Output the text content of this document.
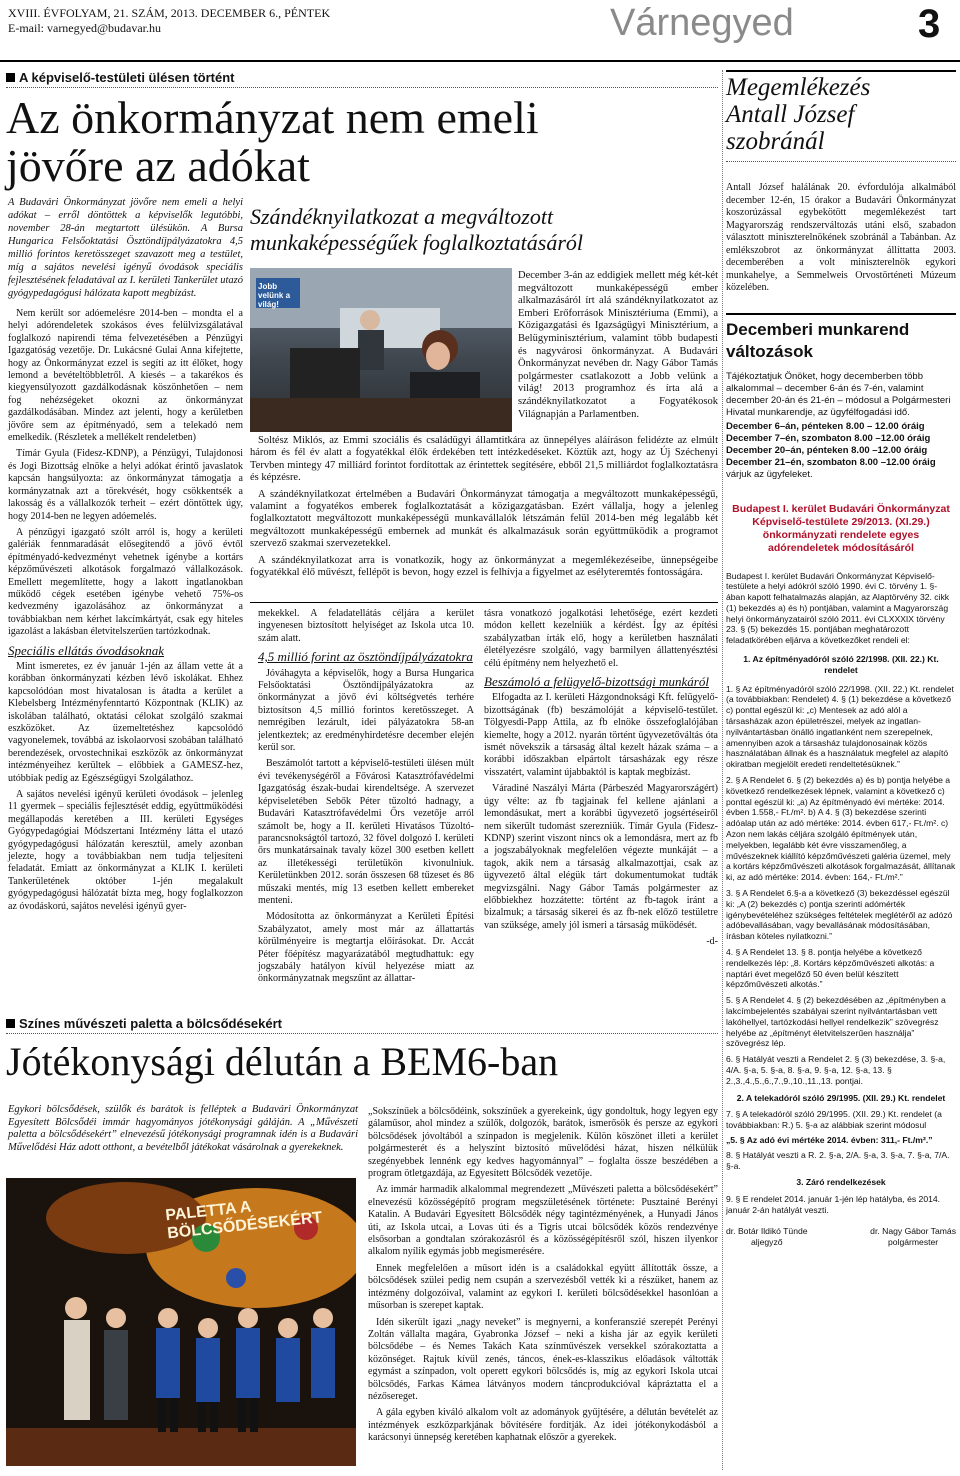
XVIII. ÉVFOLYAM, 21. SZÁM, 2013. DECEMBER 6., PÉNTEK
E-mail: varnegyed@budavar.hu	Várnegyed	3
A képviselő-testületi ülésen történt
Az önkormányzat nem emeli
jövőre az adókat
A Budavári Önkormányzat jövőre nem emeli a helyi adókat – erről döntöttek a képviselők legutóbbi, november 28-án megtartott ülésükön. A Bursa Hungarica Felsőoktatási Ösztöndíjpályázatokra 4,5 millió forintos keretösszeget szavazott meg a testület, míg a sajátos nevelési igényű óvodások speciális fejlesztésének feladatával az I. kerületi Tankerület utazó gyógypedagógusi hálózata kapott megbízást.

Nem került sor adóemelésre 2014-ben – mondta el a helyi adórendeletek szokásos éves felülvizsgálatával foglalkozó napirendi téma felvezetésében a Pénzügyi Igazgatóság vezetője. Dr. Lukácsné Gulai Anna kifejtette, hogy az Önkormányzat ezzel is segíti az itt élőket, hogy lemond a bevételtöbbletről. A kiesés – a takarékos és kiegyensúlyozott gazdálkodásnak köszönhetően – nem fog nehézségeket okozni az önkormányzat gazdálkodásában. Mindez azt jelenti, hogy a kerületben jövőre sem az építményadó, sem a telekadó nem emelkedik. (Részletek a mellékelt rendeletben)

Tímár Gyula (Fidesz-KDNP), a Pénzügyi, Tulajdonosi és Jogi Bizottság elnöke a helyi adókat érintő javaslatok kapcsán hangsúlyozta: az önkormányzat támogatja a kormányzatnak azt a törekvését, hogy csökkentsék a lakosság és a vállalkozók terheit – ezért döntöttek úgy, hogy 2014-ben ne legyen adóemelés.

A pénzügyi igazgató szólt arról is, hogy a kerületi galériák fennmaradását elősegítendő a jövő évtől építményadó-kedvezményt vehetnek igénybe a kortárs képzőművészeti alkotások forgalmazó vállalkozások. Emellett megemlítette, hogy a lakott ingatlanokban működő cégek esetében igénybe vehető 75%-os kedvezmény igazolásához az önkormányzat a továbbiakban nem kérhet lakcímkártyát, csak egy hiteles igazolást a lakásban életvitelszerűen tartózkodnak.

Speciális ellátás óvodásoknak

Mint ismeretes, ez év január 1-jén az állam vette át a korábban önkormányzati kézben lévő iskolákat. Ehhez kapcsolódóan most hivatalosan is átadta a kerület a Klebelsberg Intézményfenntartó Központnak (KLIK) az iskolában található, oktatási célokat szolgáló szakmai eszközöket. Az üzemeltetéshez kapcsolódó vagyonelemek, továbbá az iskolaorvosi szobában található berendezések, orvostechnikai eszközök az önkormányzat intézményeihez kerültek – előbbiek a GAMESZ-hez, utóbbiak pedig az Egészségügyi Szolgálathoz.

A sajátos nevelési igényű kerületi óvodások – jelenleg 11 gyermek – speciális fejlesztését eddig, együttműködési megállapodás keretében a III. kerületi Egységes Gyógypedagógiai Módszertani Intézmény látta el utazó gyógypedagógusi hálózatán keresztül, amely azonban jelezte, hogy a továbbiakban nem tudja teljesíteni feladatát. Emiatt az önkormányzat a KLIK I. kerületi Tankerületének október 1-jén megalakult gyógypedagógusi hálózatát bízta meg, hogy foglalkozzon az óvodáskorú, sajátos nevelési igényű gyer-

Szándéknyilatkozat a megváltozott
munkaképességűek foglalkoztatásáról
Jobb velünk a világ!
December 3-án az eddigiek mellett még két-két megváltozott munkaképességű ember alkalmazásáról írt alá szándéknyilatkozatot az Emberi Erőforrások Minisztériuma (Emmi), a Közigazgatási és Igazságügyi Minisztérium, a Belügyminisztérium, valamint több budapesti és nagyvárosi önkormányzat. A Budavári Önkormányzat nevében dr. Nagy Gábor Tamás polgármester csatlakozott a Jobb velünk a világ! 2013 programhoz és írta alá a szándéknyilatkozatot a Fogyatékosok Világnapján a Parlamentben.

Soltész Miklós, az Emmi szociális és családügyi államtitkára az ünnepélyes aláíráson felidézte az elmúlt három és fél év alatt a fogyatékkal élők érdekében tett intézkedéseket. Köztük azt, hogy az Új Széchenyi Tervben mintegy 47 milliárd forintot fordítottak az érintettek segítésére, ebből 21,5 milliárdot foglalkoztatásra és képzésre.

A szándéknyilatkozat értelmében a Budavári Önkormányzat támogatja a megváltozott munkaképességű, valamint a fogyatékos emberek foglalkoztatását a közigazgatásban. Ezért vállalja, hogy a jelenleg foglalkoztatott megváltozott munkaképességű munkavállalók létszámán felül 2014-ben még legalább két megváltozott munkaképességű embernek ad munkát és alkalmazásuk során együttműködik a programot szervező szakmai szervezetekkel.

A szándéknyilatkozat arra is vonatkozik, hogy az önkormányzat a megemlékezéseibe, ünnepségeibe fogyatékkal élő művészt, fellépőt is bevon, hogy ezzel is felhívja a figyelmet az esélyteremtés fontosságára.

mekekkel. A feladatellátás céljára a kerület ingyenesen biztosított helyiséget az Iskola utca 10. szám alatt.

4,5 millió forint az ösztöndíjpályázatokra

Jóváhagyta a képviselők, hogy a Bursa Hungarica Felsőoktatási Ösztöndíjpályázatokra az önkormányzat a jövő évi költségvetés terhére biztosítson 4,5 millió forintos keretösszeget. A nemrégiben lezárult, idei pályázatokra 58-an jelentkeztek; az eredményhirdetésre december elején kerül sor.

Beszámolót tartott a képviselő-testületi ülésen múlt évi tevékenységéről a Fővárosi Katasztrófavédelmi Igazgatóság észak-budai kirendeltsége. A szervezet képviseletében Sebők Péter tűzoltó hadnagy, a Budavári Katasztrófavédelmi Őrs vezetője arról számolt be, hogy a II. kerületi Hivatásos Tűzoltó-parancsnokságtól tartozó, 32 fővel dolgozó I. kerületi őrs munkatársainak tavaly közel 300 esetben kellett az illetékességi területükön kivonulniuk. Kerületünkben 2012. során összesen 68 tűzeset és 86 műszaki mentés, míg 13 esetben kellett embereket menteni.

Módosította az önkormányzat a Kerületi Építési Szabályzatot, amely most már az állattartás körülményeire is megtartja előírásokat. Dr. Accát Péter főépítész magyarázatából megtudhattuk: egy jogszabály hatályon kívül helyezése miatt az önkormányzatnak megszűnt az állattar-

tásra vonatkozó jogalkotási lehetősége, ezért kezdeti módon kellett kezelniük a kérdést. Így az építési szabályzatban írták elő, hogy a kerületben használati életélyezésre szolgáló, vagy barmilyen állattenyésztési célú építmény nem helyezhető el.

Beszámoló a felügyelő-bizottsági munkáról

Elfogadta az I. kerületi Házgondnoksági Kft. felügyelő-bizottságának (fb) beszámolóját a képviselő-testület. Tölgyesdi-Papp Attila, az fb elnöke összefoglalójában kiemelte, hogy a 2012. nyarán történt ügyvezetőváltás óta ismét növekszik a társaság által kezelt házak száma – a korábbi időszakban elpártolt társasházak egy része visszatért, valamint újabbaktól is kaptak megbízást.

Váradiné Naszályi Márta (Párbeszéd Magyarországért) úgy vélte: az fb tagjainak fel kellene ajánlani a lemondásukat, mert a korábbi ügyvezető jogsértéseiről nem sikerült tudomást szerezniük. Tímár Gyula (Fidesz-KDNP) szerint viszont nincs ok a lemondásra, mert az fb a jogszabályoknak megfelelően végezte munkáját – a tagok, akik nem a társaság alkalmazottjai, csak az ügyvezető által elégük tárt dokumentumokat tudták megvizsgálni. Nagy Gábor Tamás polgármester az előbbiekhez hozzátette: történt az fb-tagok iránt a bizalmuk; a társaság sikerei és az fb-nek előző testületre van szüksége, amely jól ismeri a társaság működését.

-d-
Színes művészeti paletta a bölcsődésekért
Jótékonysági délután a BEM6-ban
Egykori bölcsődések, szülők és barátok is felléptek a Budavári Önkormányzat Egyesített Bölcsődéi immár hagyományos jótékonysági gáláján. A „Művészeti paletta a bölcsődésekért” elnevezésű jótékonysági programnak idén is a Budavári Művelődési Ház adott otthont, a bevételből játékokat vásárolnak a gyerekeknek.
PALETTA A BÖLCSŐDÉSEKÉRT

„Sokszínűek a bölcsődéink, sokszínűek a gyerekeink, úgy gondoltuk, hogy legyen egy gálaműsor, ahol mindez a szülők, dolgozók, barátok, ismerősök és persze az egykori bölcsődések jóvoltából a színpadon is megjelenik. Külön köszönet illeti a kerület polgármesterét és a helyszínt biztosító művelődési házat, hiszen nélkülük szegényebbek lennénk egy kedves hagyománnyal” – foglalta össze beszédében a program ötletgazdája, az Egyesített Bölcsődék vezetője.

Az immár harmadik alkalommal megrendezett „Művészeti paletta a bölcsődésekért” elnevezésű közösségépítő program megszületésének története: Pusztainé Berényi Katalin. A Budavári Egyesített Bölcsődék négy tagintézményének, a Hunyadi János úti, az Iskola utcai, a Lovas úti és a Tigris utcai bölcsődék közös rendezvénye elsősorban a gondtalan szórakozásról és a közösségépítésről szól, hiszen ilyenkor alkalom nyílik egymás jobb megismerésére.

Ennek megfelelően a műsort idén is a családokkal együtt állították össze, a bölcsődések szülei pedig nem csupán a szervezésből vették ki a részüket, hanem az intézmény dolgozóival, valamint az egykori I. kerületi bölcsődésekkel hasonlóan a műsorban is szerepet kaptak.

Idén sikerült igazi „nagy neveket” is megnyerni, a konferanszié szerepét Perényi Zoltán vállalta magára, Gyabronka József – neki a kisha jár az egyik kerületi bölcsődébe – és Nemes Takách Kata színművészek versekkel szórakoztatta a közönséget. Rajtuk kívül zenés, táncos, ének-es-klasszikus előadások váltották egymást a színpadon, volt operett egykori bölcsődés is, míg az egykori Iskola utcai bölcsődés, Farkas Kámea látványos modern táncprodukcióval kápráztatta el a nézősereget.

A gála egyben kiváló alkalom volt az adományok gyűjtésére, a délután bevételét az intézmények eszközparkjának bővítésére fordítják. Az idei jótékonykodásból a karácsonyi ünnepség keretében kaphatnak először a gyerekek.

Megemlékezés
Antall József
szobránál
Antall József halálának 20. évfordulója alkalmából december 12-én, 15 órakor a Budavári Önkormányzat koszorúzással egybekötött megemlékezést tart Magyarország rendszerváltozás utáni első, szabadon választott miniszterelnökének szobránál a Tabánban. Az emlékszobrot az önkormányzat állíttatta 2003. decemberében a volt miniszterelnök egykori munkahelye, a Semmelweis Orvostörténeti Múzeum közelében.
Decemberi munkarend
változások
Tájékoztatjuk Önöket, hogy decemberben több alkalommal – december 6-án és 7-én, valamint december 20-án és 21-én – módosul a Polgármesteri Hivatal munkarendje, az ügyfélfogadási idő.
December 6–án, pénteken 8.00 – 12.00 óráig
December 7–én, szombaton 8.00 –12.00 óráig
December 20–án, pénteken 8.00 –12.00 óráig
December 21–én, szombaton 8.00 –12.00 óráig
várjuk az ügyfeleket.
Budapest I. kerület Budavári Önkormányzat Képviselő-testülete 29/2013. (XI.29.) önkormányzati rendelete egyes adórendeletek módosításáról
Budapest I. kerület Budavári Önkormányzat Képviselő-testülete a helyi adókról szóló 1990. évi C. törvény 1. §-ában kapott felhatalmazás alapján, az Alaptörvény 32. cikk (1) bekezdés a) és h) pontjában, valamint a Magyarország helyi önkormányzatairól szóló 2011. évi CLXXXIX törvény 23. § (5) bekezdés 15. pontjában meghatározott feladatkörében eljárva a következőket rendeli el:
1. Az építményadóról szóló 22/1998. (XII. 22.) Kt. rendelet
1. § Az építményadóról szóló 22/1998. (XII. 22.) Kt. rendelet (a továbbiakban: Rendelet) 4. § (1) bekezdése a következő c) ponttal egészül ki: „c) Mentesek az adó alól a társasházak azon épületrészei, melyek az ingatlan-nyilvántartásban önálló ingatlanként nem szerepelnek, amennyiben azok a társasház tulajdonosainak közös használatában állnak és a használatuk megfelel az alapító okiratban megjelölt eredeti rendeltetésüknek.”
2. § A Rendelet 6. § (2) bekezdés a) és b) pontja helyébe a következő rendelkezések lépnek, valamint a következő c) ponttal egészül ki: „a) Az építményadó évi mértéke: 2014. évben 1.558,- Ft./m². b) A 4. § (3) bekezdése szerinti adóalap után az adó mértéke: 2014. évben 617,- Ft./m². c) Azon nem lakás céljára szolgáló építmények után, melyekben, legalább két évre visszamenőleg, a művészeknek kiállító képzőművészeti galéria üzemel, mely a kortárs képzőművészeti alkotások forgalmazását, állítanak ki, az adó mértéke: 2014. évben: 164,- Ft./m².”
3. § A Rendelet 6.§-a a következő (3) bekezdéssel egészül ki: „A (2) bekezdés c) pontja szerinti adómérték igénybevételéhez szükséges feltételek meglétéről az adózó adóbevallásában, vagy bevallásának módosításában, írásban köteles nyilatkozni.”
4. § A Rendelet 13. § 8. pontja helyébe a következő rendelkezés lép: „8. Kortárs képzőművészeti alkotás: a naptári évet megelőző 50 éven belül készített képzőművészeti alkotás.”
5. § A Rendelet 4. § (2) bekezdésében az „építményben a lakcímbejelentés szabályai szerint nyilvántartásban vett lakóhellyel, tartózkodási hellyel rendelkezik” szövegrész helyébe az „építményt életvitelszerűen használja” szövegrész lép.
6. § Hatályát veszti a Rendelet 2. § (3) bekezdése, 3. §-a, 4/A. §-a, 5. §-a, 8. §-a, 9. §-a, 12. §-a, 13. § 2.,3.,4.,5.,6.,7.,9.,10.,11.,13. pontjai.
2. A telekadóról szóló 29/1995. (XII. 29.) Kt. rendelet
7. § A telekadóról szóló 29/1995. (XII. 29.) Kt. rendelet (a továbbiakban: R.) 5. §-a az alábbiak szerint módosul
„5. § Az adó évi mértéke 2014. évben: 311,- Ft./m².”
8. § Hatályát veszti a R. 2. §-a, 2/A. §-a, 3. §-a, 7. §-a, 7/A. §-a.
3. Záró rendelkezések
9. § E rendelet 2014. január 1-jén lép hatályba, és 2014. január 2-án hatályát veszti.
dr. Botár Ildikó Tünde
aljegyző
dr. Nagy Gábor Tamás
polgármester
